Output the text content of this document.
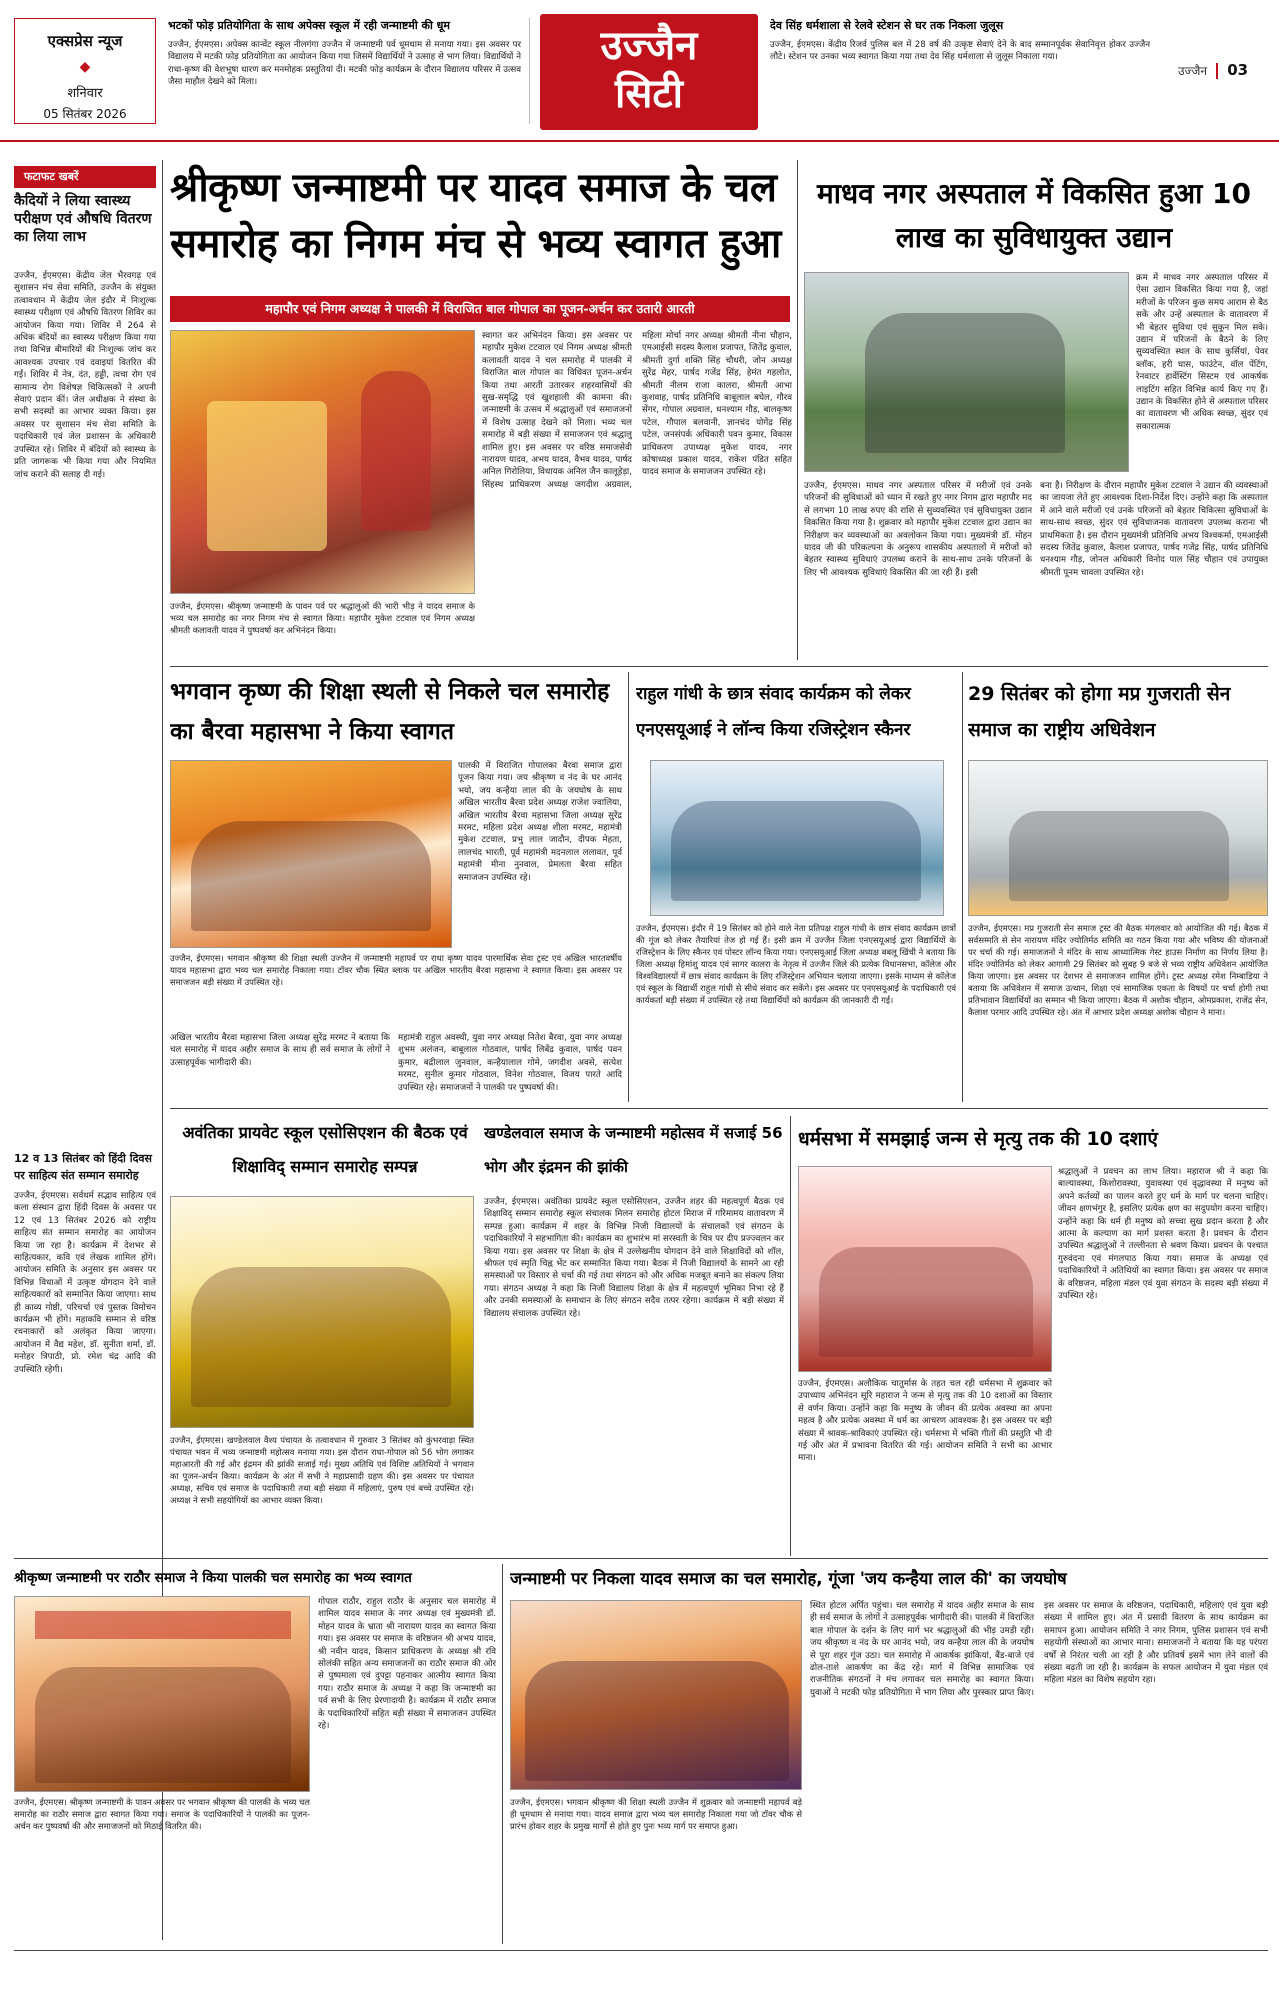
एक्सप्रेस न्यूज
◆
शनिवार
05 सितंबर 2026
भटकों फोड़ प्रतियोगिता के साथ अपेक्स स्कूल में रही जन्माष्टमी की धूम
उज्जैन, ईएमएस। अपेक्स कान्वेंट स्कूल नीलगंगा उज्जैन में जन्माष्टमी पर्व धूमधाम से मनाया गया। इस अवसर पर विद्यालय में मटकी फोड़ प्रतियोगिता का आयोजन किया गया जिसमें विद्यार्थियों ने उत्साह से भाग लिया। विद्यार्थियों ने राधा-कृष्ण की वेशभूषा धारण कर मनमोहक प्रस्तुतियां दी। मटकी फोड़ कार्यक्रम के दौरान विद्यालय परिसर में उत्सव जैसा माहौल देखने को मिला।
उज्जैन
सिटी
देव सिंह धर्मशाला से रेलवे स्टेशन से घर तक निकला जुलूस
उज्जैन, ईएमएस। केंद्रीय रिजर्व पुलिस बल में 28 वर्ष की उत्कृष्ट सेवाएं देने के बाद सम्मानपूर्वक सेवानिवृत्त होकर उज्जैन लौटे। स्टेशन पर उनका भव्य स्वागत किया गया तथा देव सिंह धर्मशाला से जुलूस निकाला गया।
उज्जैन 03
फटाफट खबरें
कैदियों ने लिया स्वास्थ्य परीक्षण एवं औषधि वितरण का लिया लाभ
उज्जैन, ईएमएस। केंद्रीय जेल भैरवगढ़ एवं सुशासन मंच सेवा समिति, उज्जैन के संयुक्त तत्वावधान में केंद्रीय जेल इंदौर में निःशुल्क स्वास्थ्य परीक्षण एवं औषधि वितरण शिविर का आयोजन किया गया। शिविर में 264 से अधिक बंदियों का स्वास्थ्य परीक्षण किया गया तथा विभिन्न बीमारियों की निःशुल्क जांच कर आवश्यक उपचार एवं दवाइयां वितरित की गईं। शिविर में नेत्र, दंत, हड्डी, त्वचा रोग एवं सामान्य रोग विशेषज्ञ चिकित्सकों ने अपनी सेवाएं प्रदान कीं। जेल अधीक्षक ने संस्था के सभी सदस्यों का आभार व्यक्त किया। इस अवसर पर सुशासन मंच सेवा समिति के पदाधिकारी एवं जेल प्रशासन के अधिकारी उपस्थित रहे। शिविर में बंदियों को स्वास्थ्य के प्रति जागरूक भी किया गया और नियमित जांच कराने की सलाह दी गई।
12 व 13 सितंबर को हिंदी दिवस पर साहित्य संत सम्मान समारोह
उज्जैन, ईएमएस। सर्वधर्म सद्भाव साहित्य एवं कला संस्थान द्वारा हिंदी दिवस के अवसर पर 12 एवं 13 सितंबर 2026 को राष्ट्रीय साहित्य संत सम्मान समारोह का आयोजन किया जा रहा है। कार्यक्रम में देशभर से साहित्यकार, कवि एवं लेखक शामिल होंगे। आयोजन समिति के अनुसार इस अवसर पर विभिन्न विधाओं में उत्कृष्ट योगदान देने वाले साहित्यकारों को सम्मानित किया जाएगा। साथ ही काव्य गोष्ठी, परिचर्चा एवं पुस्तक विमोचन कार्यक्रम भी होंगे। महाकवि सम्मान से वरिष्ठ रचनाकारों को अलंकृत किया जाएगा। आयोजन में वैद्य महेश, डॉ. सुनीता शर्मा, डॉ. मनोहर त्रिपाठी, प्रो. रमेश चंद्र आदि की उपस्थिति रहेगी।
श्रीकृष्ण जन्माष्टमी पर यादव समाज के चल समारोह का निगम मंच से भव्य स्वागत हुआ
महापौर एवं निगम अध्यक्ष ने पालकी में विराजित बाल गोपाल का पूजन-अर्चन कर उतारी आरती
उज्जैन, ईएमएस। श्रीकृष्ण जन्माष्टमी के पावन पर्व पर श्रद्धालुओं की भारी भीड़ ने यादव समाज के भव्य चल समारोह का नगर निगम मंच से स्वागत किया। महापौर मुकेश टटवाल एवं निगम अध्यक्ष श्रीमती कलावती यादव ने पुष्पवर्षा कर अभिनंदन किया।
स्वागत कर अभिनंदन किया। इस अवसर पर महापौर मुकेश टटवाल एवं निगम अध्यक्ष श्रीमती कलावती यादव ने चल समारोह में पालकी में विराजित बाल गोपाल का विधिवत पूजन-अर्चन किया तथा आरती उतारकर शहरवासियों की सुख-समृद्धि एवं खुशहाली की कामना की। जन्माष्टमी के उत्सव में श्रद्धालुओं एवं समाजजनों में विशेष उत्साह देखने को मिला। भव्य चल समारोह में बड़ी संख्या में समाजजन एवं श्रद्धालु शामिल हुए। इस अवसर पर वरिष्ठ समाजसेवी नारायण यादव, अभय यादव, वैभव यादव, पार्षद अनिल गिरोलिया, विधायक अनिल जैन कालूहेड़ा, सिंहस्थ प्राधिकरण अध्यक्ष जगदीश अग्रवाल, महिला मोर्चा नगर अध्यक्ष श्रीमती नीना चौहान, एमआईसी सदस्य कैलाश प्रजापत, जितेंद्र कुवाल, श्रीमती दुर्गा शक्ति सिंह चौधरी, जोन अध्यक्ष सुरेंद्र मेहर, पार्षद गजेंद्र सिंह, हेमंत गहलोत, श्रीमती नीलम राजा कालरा, श्रीमती आभा कुशवाह, पार्षद प्रतिनिधि बाबूलाल बघेल, गौरव सेंगर, गोपाल अग्रवाल, धनश्याम गौड़, बालकृष्ण पटेल, गौपाल बलवानी, ज्ञानचंद योगेंद्र सिंह पटेल, जनसंपर्क अधिकारी पवन कुमार, विकास प्राधिकरण उपाध्यक्ष मुकेश यादव, नगर कोषाध्यक्ष प्रकाश यादव, राकेश पंडित सहित यादव समाज के समाजजन उपस्थित रहे।
माधव नगर अस्पताल में विकसित हुआ 10 लाख का सुविधायुक्त उद्यान
क्रम में माधव नगर अस्पताल परिसर में ऐसा उद्यान विकसित किया गया है, जहां मरीजों के परिजन कुछ समय आराम से बैठ सकें और उन्हें अस्पताल के वातावरण में भी बेहतर सुविधा एवं सुकून मिल सके। उद्यान में परिजनों के बैठने के लिए सुव्यवस्थित स्थल के साथ कुर्सियां, पेवर ब्लॉक, हरी घास, फाउंटेन, वॉल पेंटिंग, रेनवाटर हार्वेस्टिंग सिस्टम एवं आकर्षक लाइटिंग सहित विभिन्न कार्य किए गए हैं। उद्यान के विकसित होने से अस्पताल परिसर का वातावरण भी अधिक स्वच्छ, सुंदर एवं सकारात्मक
उज्जैन, ईएमएस। माधव नगर अस्पताल परिसर में मरीजों एवं उनके परिजनों की सुविधाओं को ध्यान में रखते हुए नगर निगम द्वारा महापौर मद से लगभग 10 लाख रुपए की राशि से सुव्यवस्थित एवं सुविधायुक्त उद्यान विकसित किया गया है। शुक्रवार को महापौर मुकेश टटवाल द्वारा उद्यान का निरीक्षण कर व्यवस्थाओं का अवलोकन किया गया। मुख्यमंत्री डॉ. मोहन यादव जी की परिकल्पना के अनुरूप शासकीय अस्पतालों में मरीजों को बेहतर स्वास्थ्य सुविधाएं उपलब्ध कराने के साथ-साथ उनके परिजनों के लिए भी आवश्यक सुविधाएं विकसित की जा रही हैं। इसी
बना है। निरीक्षण के दौरान महापौर मुकेश टटवाल ने उद्यान की व्यवस्थाओं का जायजा लेते हुए आवश्यक दिशा-निर्देश दिए। उन्होंने कहा कि अस्पताल में आने वाले मरीजों एवं उनके परिजनों को बेहतर चिकित्सा सुविधाओं के साथ-साथ स्वच्छ, सुंदर एवं सुविधाजनक वातावरण उपलब्ध कराना भी प्राथमिकता है। इस दौरान मुख्यमंत्री प्रतिनिधि अभय विश्वकर्मा, एमआईसी सदस्य जितेंद्र कुवाल, कैलाश प्रजापत, पार्षद गजेंद्र सिंह, पार्षद प्रतिनिधि धनश्याम गौड़, जोनल अधिकारी विनोद पाल सिंह चौहान एवं उपायुक्त श्रीमती पूनम चावला उपस्थित रहे।
भगवान कृष्ण की शिक्षा स्थली से निकले चल समारोह का बैरवा महासभा ने किया स्वागत
पालकी में विराजित गोपालका बैरवा समाज द्वारा पूजन किया गया। जय श्रीकृष्ण व नंद के घर आनंद भयो, जय कन्हैया लाल की के जयघोष के साथ अखिल भारतीय बैरवा प्रदेश अध्यक्ष राजेश ज्वालिया, अखिल भारतीय बैरवा महासभा जिला अध्यक्ष सुरेंद्र मरमट, महिला प्रदेश अध्यक्ष शीला मरमट, महामंत्री मुकेश टटवाल, प्रभु लाल जादौन, दीपक मेहता, लालचंद भारती, पूर्व महामंत्री मदनलाल ललावत, पूर्व महामंत्री मीना नुनवाल, प्रेमलता बैरवा सहित समाजजन उपस्थित रहे।
उज्जैन, ईएमएस। भगवान श्रीकृष्ण की शिक्षा स्थली उज्जैन में जन्माष्टमी महापर्व पर राधा कृष्ण यादव पारमार्थिक सेवा ट्रस्ट एवं अखिल भारतवर्षीय यादव महासभा द्वारा भव्य चल समारोह निकाला गया। टॉवर चौक स्थित ब्लाक पर अखिल भारतीय बैरवा महासभा ने स्वागत किया। इस अवसर पर समाजजन बड़ी संख्या में उपस्थित रहे।
अखिल भारतीय बैरवा महासभा जिला अध्यक्ष सुरेंद्र मरमट ने बताया कि चल समारोह में यादव अहीर समाज के साथ ही सर्व समाज के लोगों ने उत्साहपूर्वक भागीदारी की।
महामंत्री राहुल अवस्थी, युवा नगर अध्यक्ष नितेश बैरवा, युवा नगर अध्यक्ष शुभम अलंजन, बाबूलाल गोठवाल, पार्षद लिबेंद्र कुवाल, पार्षद पवन कुमार, बद्रीलाल जुनवाल, कन्हैयालाल गोमे, जगदीश अवसे, सत्येश मरमट, सुनील कुमार गोठवाल, विनेश गोठवाल, विजय पारते आदि उपस्थित रहे। समाजजनों ने पालकी पर पुष्पवर्षा की।
राहुल गांधी के छात्र संवाद कार्यक्रम को लेकर एनएसयूआई ने लॉन्च किया रजिस्ट्रेशन स्कैनर
उज्जैन, ईएमएस। इंदौर में 19 सितंबर को होने वाले नेता प्रतिपक्ष राहुल गांधी के छात्र संवाद कार्यक्रम छात्रों की गूंज को लेकर तैयारियां तेज हो गई हैं। इसी क्रम में उज्जैन जिला एनएसयूआई द्वारा विद्यार्थियों के रजिस्ट्रेशन के लिए स्कैनर एवं पोस्टर लॉन्च किया गया। एनएसयूआई जिला अध्यक्ष बबलू खिंची ने बताया कि जिला अध्यक्ष हिमांशु यादव एवं सागर कालरा के नेतृत्व में उज्जैन जिले की प्रत्येक विधानसभा, कॉलेज और विश्वविद्यालयों में छात्र संवाद कार्यक्रम के लिए रजिस्ट्रेशन अभियान चलाया जाएगा। इसके माध्यम से कॉलेज एवं स्कूल के विद्यार्थी राहुल गांधी से सीधे संवाद कर सकेंगे। इस अवसर पर एनएसयूआई के पदाधिकारी एवं कार्यकर्ता बड़ी संख्या में उपस्थित रहे तथा विद्यार्थियों को कार्यक्रम की जानकारी दी गई।
29 सितंबर को होगा मप्र गुजराती सेन समाज का राष्ट्रीय अधिवेशन
उज्जैन, ईएमएस। मप्र गुजराती सेन समाज ट्रस्ट की बैठक मंगलवार को आयोजित की गई। बैठक में सर्वसम्मति से सेन नारायण मंदिर ज्योतिर्मठ समिति का गठन किया गया और भविष्य की योजनाओं पर चर्चा की गई। समाजजनों ने मंदिर के साथ आध्यात्मिक गेस्ट हाउस निर्माण का निर्णय लिया है। मंदिर ज्योतिर्मठ को लेकर आगामी 29 सितंबर को सुबह 9 बजे से भव्य राष्ट्रीय अधिवेशन आयोजित किया जाएगा। इस अवसर पर देशभर से समाजजन शामिल होंगे। ट्रस्ट अध्यक्ष रमेश निम्बाडिया ने बताया कि अधिवेशन में समाज उत्थान, शिक्षा एवं सामाजिक एकता के विषयों पर चर्चा होगी तथा प्रतिभावान विद्यार्थियों का सम्मान भी किया जाएगा। बैठक में अशोक चौहान, ओमप्रकाश, राजेंद्र सेन, कैलाश परमार आदि उपस्थित रहे। अंत में आभार प्रदेश अध्यक्ष अशोक चौहान ने माना।
अवंतिका प्रायवेट स्कूल एसोसिएशन की बैठक एवं शिक्षाविद् सम्मान समारोह सम्पन्न
उज्जैन, ईएमएस। अवंतिका प्रायवेट स्कूल एसोसिएशन, उज्जैन शहर की महत्वपूर्ण बैठक एवं शिक्षाविद् सम्मान समारोह स्कूल संचालक मिलन समारोह होटल मिराज में गरिमामय वातावरण में सम्पन्न हुआ। कार्यक्रम में शहर के विभिन्न निजी विद्यालयों के संचालकों एवं संगठन के पदाधिकारियों ने सहभागिता की। कार्यक्रम का शुभारंभ मां सरस्वती के चित्र पर दीप प्रज्ज्वलन कर किया गया। इस अवसर पर शिक्षा के क्षेत्र में उल्लेखनीय योगदान देने वाले शिक्षाविदों को शॉल, श्रीफल एवं स्मृति चिह्न भेंट कर सम्मानित किया गया। बैठक में निजी विद्यालयों के सामने आ रही समस्याओं पर विस्तार से चर्चा की गई तथा संगठन को और अधिक मजबूत बनाने का संकल्प लिया गया। संगठन अध्यक्ष ने कहा कि निजी विद्यालय शिक्षा के क्षेत्र में महत्वपूर्ण भूमिका निभा रहे हैं और उनकी समस्याओं के समाधान के लिए संगठन सदैव तत्पर रहेगा। कार्यक्रम में बड़ी संख्या में विद्यालय संचालक उपस्थित रहे।
खण्डेलवाल समाज के जन्माष्टमी महोत्सव में सजाई 56 भोग और इंद्रमन की झांकी
उज्जैन, ईएमएस। खण्डेलवाल वैश्य पंचायत के तत्वावधान में गुरुवार 3 सितंबर को कुंभरवाड़ा स्थित पंचायत भवन में भव्य जन्माष्टमी महोत्सव मनाया गया। इस दौरान राधा-गोपाल को 56 भोग लगाकर महाआरती की गई और इंद्रमन की झांकी सजाई गई। मुख्य अतिथि एवं विशिष्ट अतिथियों ने भगवान का पूजन-अर्चन किया। कार्यक्रम के अंत में सभी ने महाप्रसादी ग्रहण की। इस अवसर पर पंचायत अध्यक्ष, सचिव एवं समाज के पदाधिकारी तथा बड़ी संख्या में महिलाएं, पुरुष एवं बच्चे उपस्थित रहे। अध्यक्ष ने सभी सहयोगियों का आभार व्यक्त किया।
धर्मसभा में समझाई जन्म से मृत्यु तक की 10 दशाएं
श्रद्धालुओं ने प्रवचन का लाभ लिया। महाराज श्री ने कहा कि बाल्यावस्था, किशोरावस्था, युवावस्था एवं वृद्धावस्था में मनुष्य को अपने कर्तव्यों का पालन करते हुए धर्म के मार्ग पर चलना चाहिए। जीवन क्षणभंगुर है, इसलिए प्रत्येक क्षण का सदुपयोग करना चाहिए। उन्होंने कहा कि धर्म ही मनुष्य को सच्चा सुख प्रदान करता है और आत्मा के कल्याण का मार्ग प्रशस्त करता है। प्रवचन के दौरान उपस्थित श्रद्धालुओं ने तल्लीनता से श्रवण किया। प्रवचन के पश्चात गुरुवंदना एवं मंगलपाठ किया गया। समाज के अध्यक्ष एवं पदाधिकारियों ने अतिथियों का स्वागत किया। इस अवसर पर समाज के वरिष्ठजन, महिला मंडल एवं युवा संगठन के सदस्य बड़ी संख्या में उपस्थित रहे।
उज्जैन, ईएमएस। अलौकिक चातुर्मास के तहत चल रही धर्मसभा में शुक्रवार को उपाध्याय अभिनंदन सूरि महाराज ने जन्म से मृत्यु तक की 10 दशाओं का विस्तार से वर्णन किया। उन्होंने कहा कि मनुष्य के जीवन की प्रत्येक अवस्था का अपना महत्व है और प्रत्येक अवस्था में धर्म का आचरण आवश्यक है। इस अवसर पर बड़ी संख्या में श्रावक-श्राविकाएं उपस्थित रहे। धर्मसभा में भक्ति गीतों की प्रस्तुति भी दी गई और अंत में प्रभावना वितरित की गई। आयोजन समिति ने सभी का आभार माना।
श्रीकृष्ण जन्माष्टमी पर राठौर समाज ने किया पालकी चल समारोह का भव्य स्वागत
गोपाल राठौर, राहुल राठौर के अनुसार चल समारोह में शामिल यादव समाज के नगर अध्यक्ष एवं मुख्यमंत्री डॉ. मोहन यादव के भ्राता श्री नारायण यादव का स्वागत किया गया। इस अवसर पर समाज के वरिष्ठजन श्री अभय यादव, श्री नवीन यादव, किसान प्राधिकरण के अध्यक्ष श्री रवि सोलंकी सहित अन्य समाजजनों का राठौर समाज की ओर से पुष्पमाला एवं दुपट्टा पहनाकर आत्मीय स्वागत किया गया। राठौर समाज के अध्यक्ष ने कहा कि जन्माष्टमी का पर्व सभी के लिए प्रेरणादायी है। कार्यक्रम में राठौर समाज के पदाधिकारियों सहित बड़ी संख्या में समाजजन उपस्थित रहे।
उज्जैन, ईएमएस। श्रीकृष्ण जन्माष्टमी के पावन अवसर पर भगवान श्रीकृष्ण की पालकी के भव्य चल समारोह का राठौर समाज द्वारा स्वागत किया गया। समाज के पदाधिकारियों ने पालकी का पूजन-अर्चन कर पुष्पवर्षा की और समाजजनों को मिठाई वितरित की।
जन्माष्टमी पर निकला यादव समाज का चल समारोह, गूंजा 'जय कन्हैया लाल की' का जयघोष
उज्जैन, ईएमएस। भगवान श्रीकृष्ण की शिक्षा स्थली उज्जैन में शुक्रवार को जन्माष्टमी महापर्व बड़े ही धूमधाम से मनाया गया। यादव समाज द्वारा भव्य चल समारोह निकाला गया जो टॉवर चौक से प्रारंभ होकर शहर के प्रमुख मार्गों से होते हुए पुनः भव्य मार्ग पर समाप्त हुआ।
स्थित होटल अर्पित पहुंचा। चल समारोह में यादव अहीर समाज के साथ ही सर्व समाज के लोगों ने उत्साहपूर्वक भागीदारी की। पालकी में विराजित बाल गोपाल के दर्शन के लिए मार्ग भर श्रद्धालुओं की भीड़ उमड़ी रही। जय श्रीकृष्ण व नंद के घर आनंद भयो, जय कन्हैया लाल की के जयघोष से पूरा शहर गूंज उठा। चल समारोह में आकर्षक झांकियां, बैंड-बाजे एवं ढोल-ताशे आकर्षण का केंद्र रहे। मार्ग में विभिन्न सामाजिक एवं राजनीतिक संगठनों ने मंच लगाकर चल समारोह का स्वागत किया। युवाओं ने मटकी फोड़ प्रतियोगिता में भाग लिया और पुरस्कार प्राप्त किए। इस अवसर पर समाज के वरिष्ठजन, पदाधिकारी, महिलाएं एवं युवा बड़ी संख्या में शामिल हुए। अंत में प्रसादी वितरण के साथ कार्यक्रम का समापन हुआ। आयोजन समिति ने नगर निगम, पुलिस प्रशासन एवं सभी सहयोगी संस्थाओं का आभार माना। समाजजनों ने बताया कि यह परंपरा वर्षों से निरंतर चली आ रही है और प्रतिवर्ष इसमें भाग लेने वालों की संख्या बढ़ती जा रही है। कार्यक्रम के सफल आयोजन में युवा मंडल एवं महिला मंडल का विशेष सहयोग रहा।
